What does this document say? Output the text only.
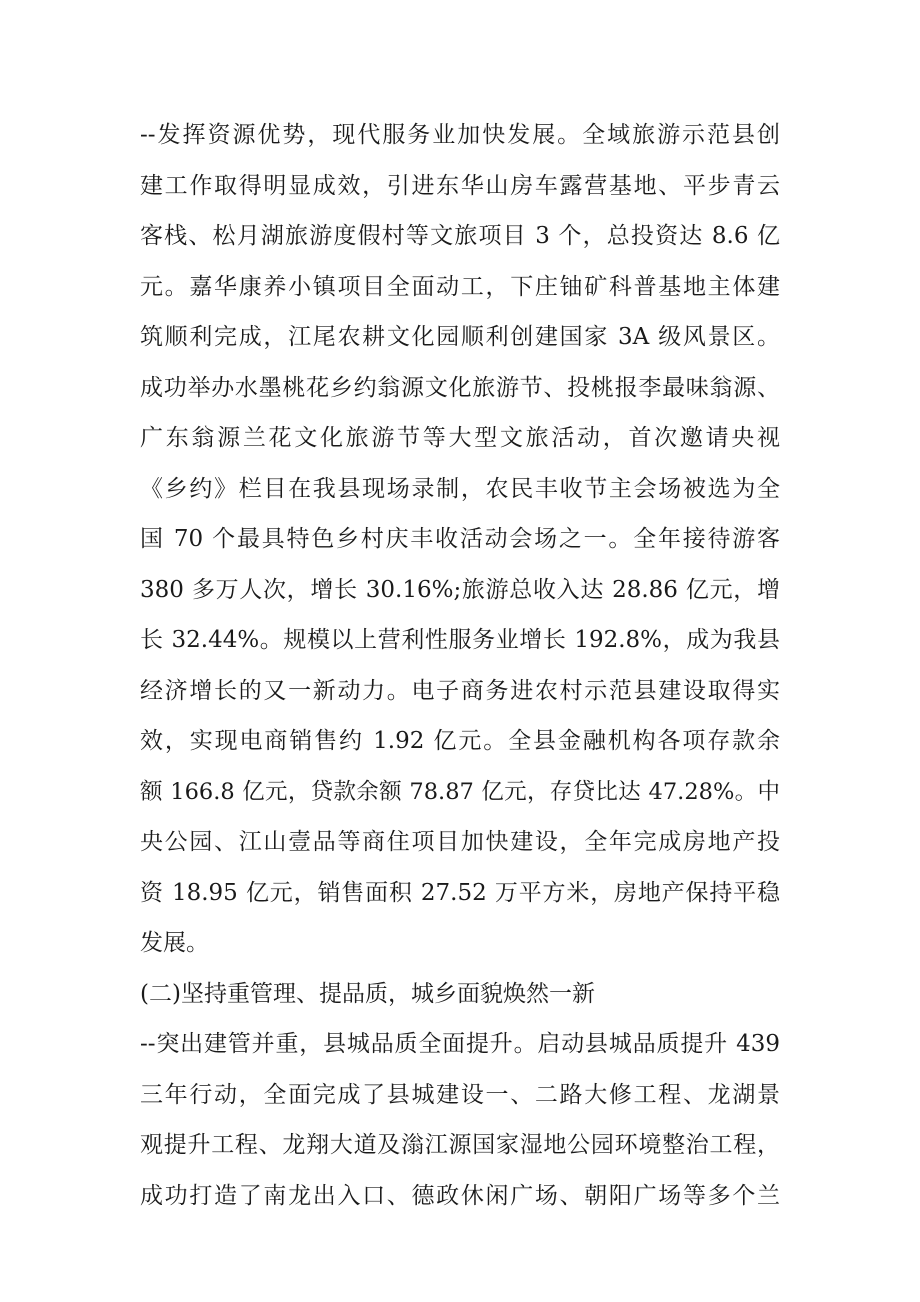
--发挥资源优势，现代服务业加快发展。全域旅游示范县创
建工作取得明显成效，引进东华山房车露营基地、平步青云
客栈、松月湖旅游度假村等文旅项目 3 个，总投资达 8.6 亿
元。嘉华康养小镇项目全面动工，下庄铀矿科普基地主体建
筑顺利完成，江尾农耕文化园顺利创建国家 3A 级风景区。
成功举办水墨桃花乡约翁源文化旅游节、投桃报李最味翁源、
广东翁源兰花文化旅游节等大型文旅活动，首次邀请央视
《乡约》栏目在我县现场录制，农民丰收节主会场被选为全
国 70 个最具特色乡村庆丰收活动会场之一。全年接待游客
380 多万人次，增长 30.16%;旅游总收入达 28.86 亿元，增
长 32.44%。规模以上营利性服务业增长 192.8%，成为我县
经济增长的又一新动力。电子商务进农村示范县建设取得实
效，实现电商销售约 1.92 亿元。全县金融机构各项存款余
额 166.8 亿元，贷款余额 78.87 亿元，存贷比达 47.28%。中
央公园、江山壹品等商住项目加快建设，全年完成房地产投
资 18.95 亿元，销售面积 27.52 万平方米，房地产保持平稳
发展。
(二)坚持重管理、提品质，城乡面貌焕然一新
--突出建管并重，县城品质全面提升。启动县城品质提升 439
三年行动，全面完成了县城建设一、二路大修工程、龙湖景
观提升工程、龙翔大道及滃江源国家湿地公园环境整治工程，
成功打造了南龙出入口、德政休闲广场、朝阳广场等多个兰
